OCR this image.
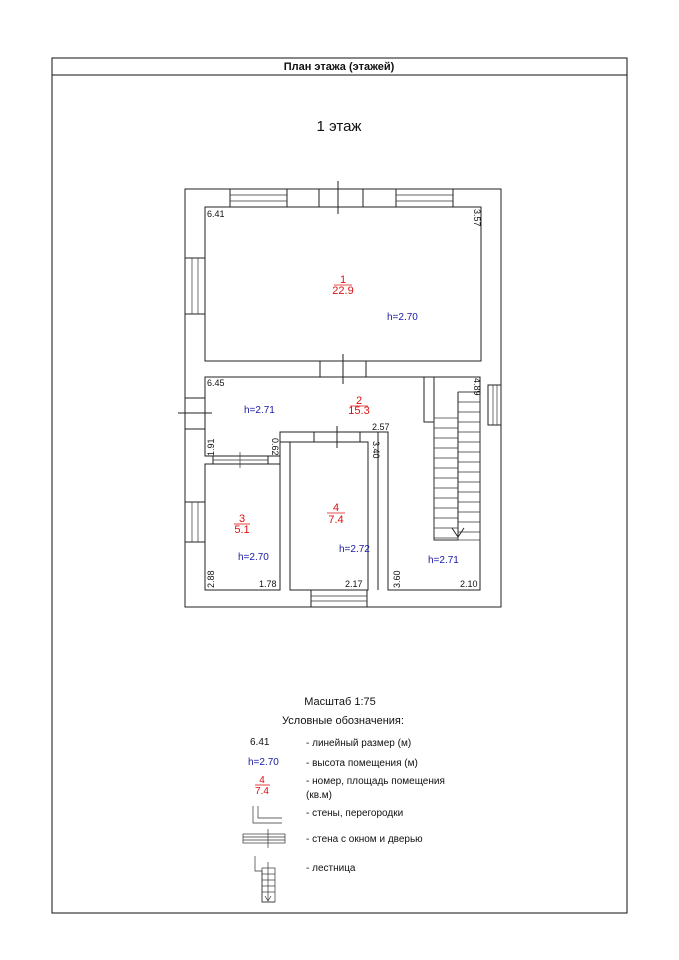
План этажа (этажей)
1 этаж
6.41	3.57
6.45	4.89
2.57
3.40
1.91	0.62
2.88	1.78	2.17	3.60	2.10
1
22.9
h=2.70
2
15.3
h=2.71
3
5.1
h=2.70
4
7.4
h=2.72
h=2.71
Масштаб 1:75
Условные обозначения:
6.41	- линейный размер (м)
h=2.70	- высота помещения (м)
4
7.4
- номер, площадь помещения
(кв.м)
- стены, перегородки
- стена с окном и дверью
- лестница
